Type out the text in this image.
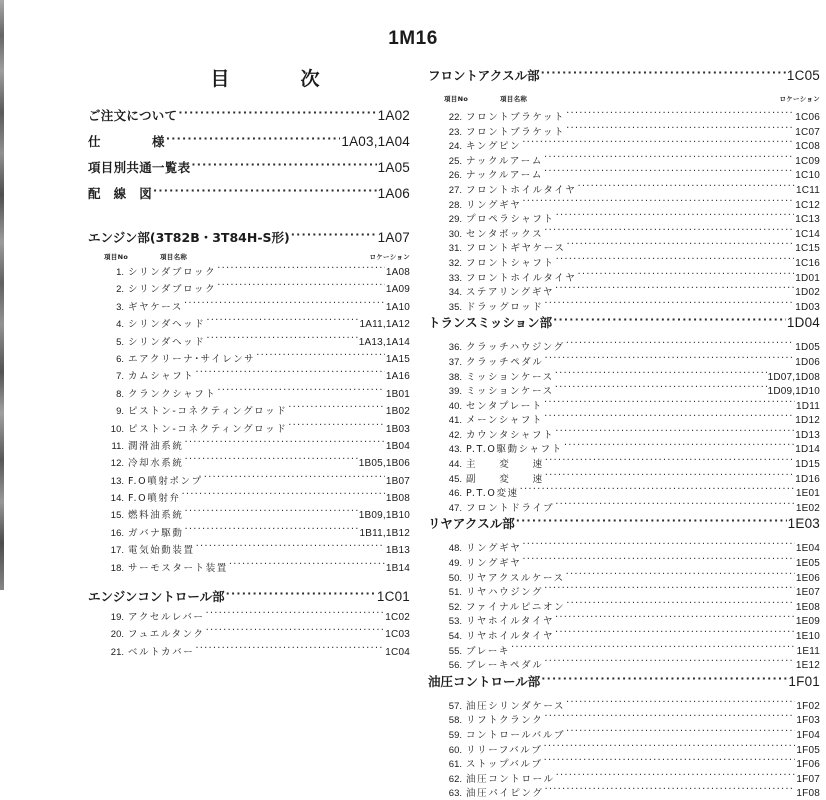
1M16
目　次
ご注文について ·····	1A02
仕　　　　様 ·····	1A03,1A04
項目別共通一覧表 ·····	1A05
配　線　図 ·····	1A06
エンジン部(3T82B・3T84H-S形) ·····	1A07
項目No	項目名称	ロケーション
1. シリンダブロック ·····	1A08
2. シリンダブロック ·····	1A09
3. ギヤケース ·····	1A10
4. シリンダヘッド ·····	1A11,1A12
5. シリンダヘッド ·····	1A13,1A14
6. エアクリーナ･サイレンサ ·····	1A15
7. カムシャフト ·····	1A16
8. クランクシャフト ·····	1B01
9. ピストン-コネクティングロッド ·····	1B02
10. ピストン-コネクティングロッド ·····	1B03
11. 潤滑油系統 ·····	1B04
12. 冷却水系統 ·····	1B05,1B06
13. F.O噴射ポンプ ·····	1B07
14. F.O噴射弁 ·····	1B08
15. 燃料油系統 ·····	1B09,1B10
16. ガバナ駆動 ·····	1B11,1B12
17. 電気始動装置 ·····	1B13
18. サーモスタート装置 ·····	1B14
エンジンコントロール部 ·····	1C01
19. アクセルレバー ·····	1C02
20. フュエルタンク ·····	1C03
21. ベルトカバー ·····	1C04
フロントアクスル部 ·····	1C05
項目No	項目名称	ロケーション
22. フロントブラケット ·····	1C06
23. フロントブラケット ·····	1C07
24. キングピン ·····	1C08
25. ナックルアーム ·····	1C09
26. ナックルアーム ·····	1C10
27. フロントホイルタイヤ ·····	1C11
28. リングギヤ ·····	1C12
29. プロペラシャフト ·····	1C13
30. センタボックス ·····	1C14
31. フロントギヤケース ·····	1C15
32. フロントシャフト ·····	1C16
33. フロントホイルタイヤ ·····	1D01
34. ステアリングギヤ ·····	1D02
35. ドラッグロッド ·····	1D03
トランスミッション部 ·····	1D04
36. クラッチハウジング ·····	1D05
37. クラッチペダル ·····	1D06
38. ミッションケース ·····	1D07,1D08
39. ミッションケース ·····	1D09,1D10
40. センタプレート ·····	1D11
41. メーンシャフト ·····	1D12
42. カウンタシャフト ·····	1D13
43. P.T.O駆動シャフト ·····	1D14
44. 主　　変　　速 ·····	1D15
45. 副　　変　　速 ·····	1D16
46. P.T.O変速 ·····	1E01
47. フロントドライブ ·····	1E02
リヤアクスル部 ·····	1E03
48. リングギヤ ·····	1E04
49. リングギヤ ·····	1E05
50. リヤアクスルケース ·····	1E06
51. リヤハウジング ·····	1E07
52. ファイナルピニオン ·····	1E08
53. リヤホイルタイヤ ·····	1E09
54. リヤホイルタイヤ ·····	1E10
55. ブレーキ ·····	1E11
56. ブレーキペダル ·····	1E12
油圧コントロール部 ·····	1F01
57. 油圧シリンダケース ·····	1F02
58. リフトクランク ·····	1F03
59. コントロールバルブ ·····	1F04
60. リリーフバルブ ·····	1F05
61. ストップバルブ ·····	1F06
62. 油圧コントロール ·····	1F07
63. 油圧パイピング ·····	1F08
